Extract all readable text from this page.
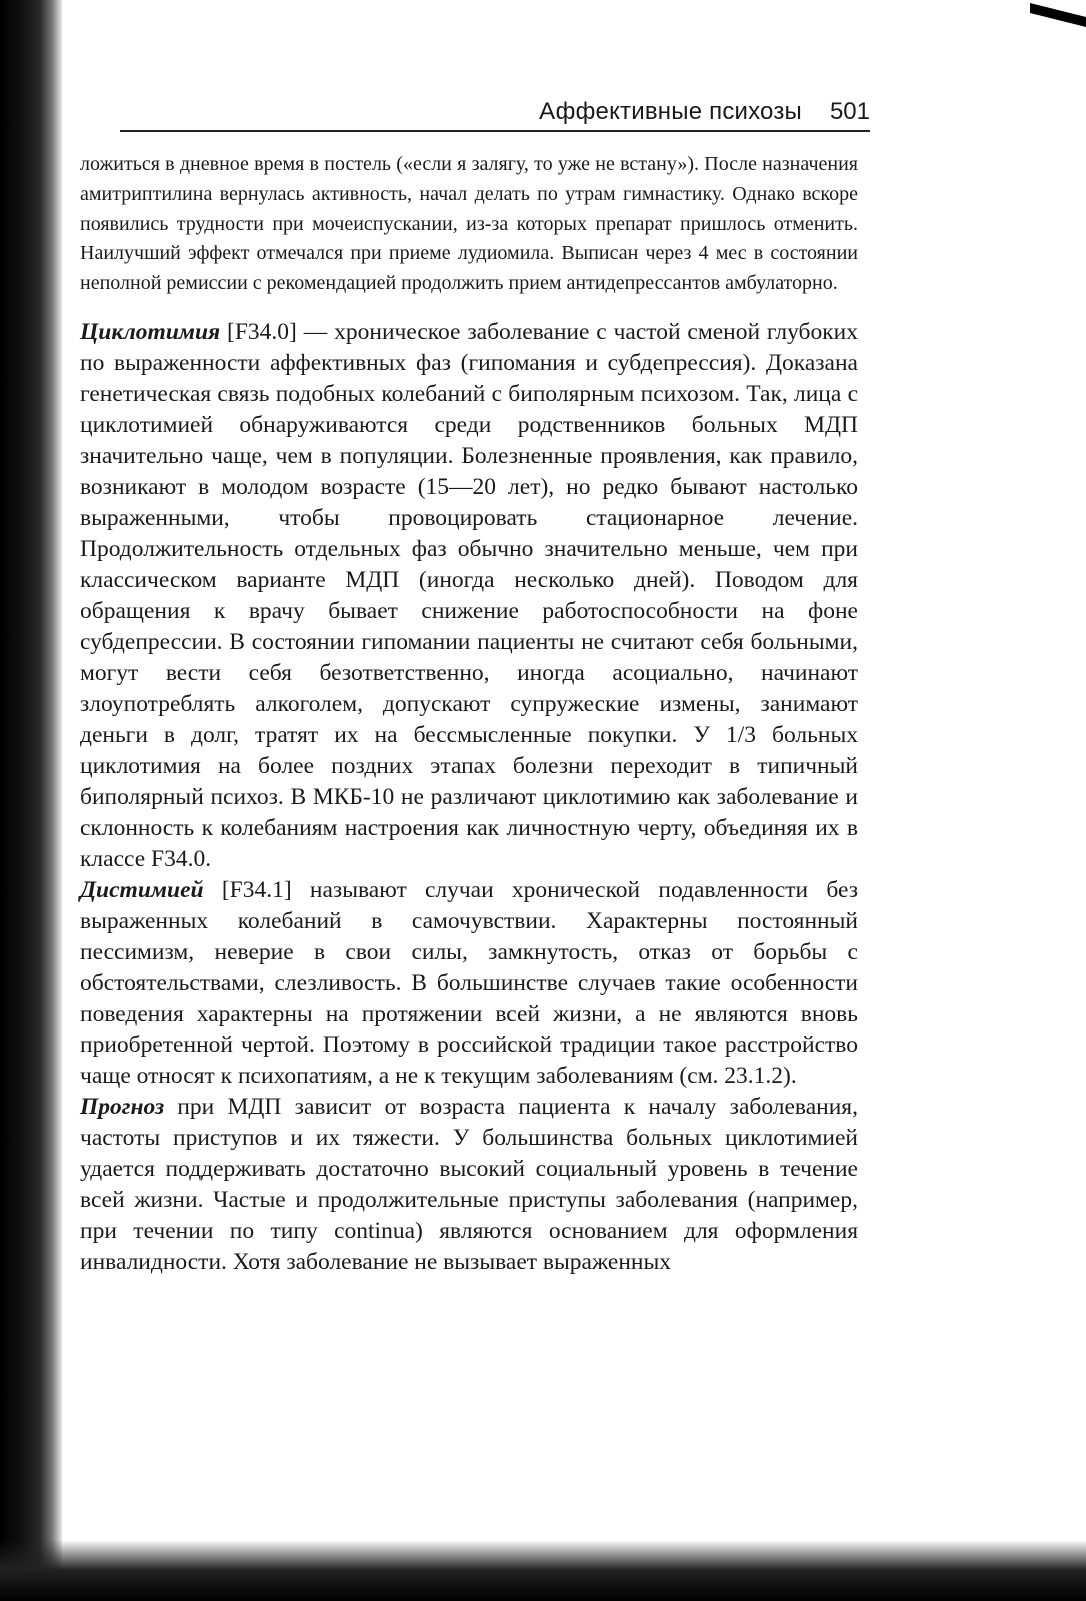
Аффективные психозы 501

ложиться в дневное время в постель («если я залягу, то уже не встану»). После назначения амитриптилина вернулась активность, начал делать по утрам гимнастику. Однако вскоре появились трудности при мочеиспускании, из-за которых препарат пришлось отменить. Наилучший эффект отмечался при приеме лудиомила. Выписан через 4 мес в состоянии неполной ремиссии с рекомендацией продолжить прием антидепрессантов амбулаторно.

Циклотимия [F34.0] — хроническое заболевание с частой сменой глубоких по выраженности аффективных фаз (гипомания и субдепрессия). Доказана генетическая связь подобных колебаний с биполярным психозом. Так, лица с циклотимией обнаруживаются среди родственников больных МДП значительно чаще, чем в популяции. Болезненные проявления, как правило, возникают в молодом возрасте (15—20 лет), но редко бывают настолько выраженными, чтобы провоцировать стационарное лечение. Продолжительность отдельных фаз обычно значительно меньше, чем при классическом варианте МДП (иногда несколько дней). Поводом для обращения к врачу бывает снижение работоспособности на фоне субдепрессии. В состоянии гипомании пациенты не считают себя больными, могут вести себя безответственно, иногда асоциально, начинают злоупотреблять алкоголем, допускают супружеские измены, занимают деньги в долг, тратят их на бессмысленные покупки. У 1/3 больных циклотимия на более поздних этапах болезни переходит в типичный биполярный психоз. В МКБ-10 не различают циклотимию как заболевание и склонность к колебаниям настроения как личностную черту, объединяя их в классе F34.0.

Дистимией [F34.1] называют случаи хронической подавленности без выраженных колебаний в самочувствии. Характерны постоянный пессимизм, неверие в свои силы, замкнутость, отказ от борьбы с обстоятельствами, слезливость. В большинстве случаев такие особенности поведения характерны на протяжении всей жизни, а не являются вновь приобретенной чертой. Поэтому в российской традиции такое расстройство чаще относят к психопатиям, а не к текущим заболеваниям (см. 23.1.2).

Прогноз при МДП зависит от возраста пациента к началу заболевания, частоты приступов и их тяжести. У большинства больных циклотимией удается поддерживать достаточно высокий социальный уровень в течение всей жизни. Частые и продолжительные приступы заболевания (например, при течении по типу continua) являются основанием для оформления инвалидности. Хотя заболевание не вызывает выраженных
